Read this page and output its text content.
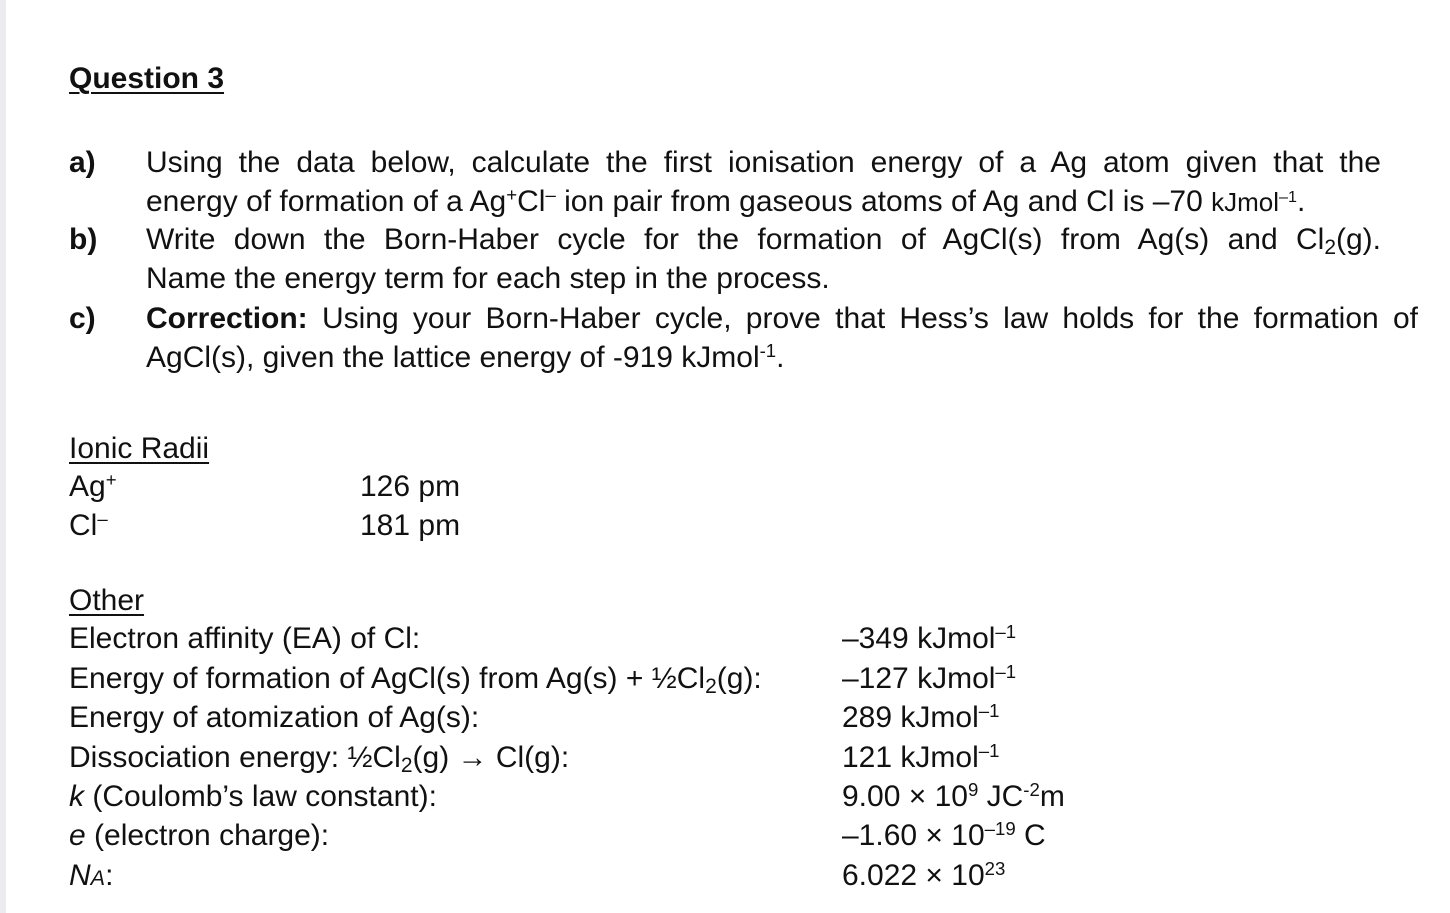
Question 3
a) Using the data below, calculate the first ionisation energy of a Ag atom given that the
energy of formation of a Ag+Cl– ion pair from gaseous atoms of Ag and Cl is –70 kJmol$^{-1}$.
b) Write down the Born-Haber cycle for the formation of AgCl(s) from Ag(s) and Cl2(g).
Name the energy term for each step in the process.
c) Correction: Using your Born-Haber cycle, prove that Hess’s law holds for the formation of
AgCl(s), given the lattice energy of -919 kJmol$^{-1}$.
Ionic Radii
Ag+	126 pm
Cl–	181 pm
Other
Electron affinity (EA) of Cl:	–349 kJmol$^{-1}$
Energy of formation of AgCl(s) from Ag(s) + ½Cl2(g):	–127 kJmol$^{-1}$
Energy of atomization of Ag(s):	289 kJmol$^{-1}$
Dissociation energy: ½Cl2(g) → Cl(g):	121 kJmol$^{-1}$
k (Coulomb’s law constant):	$9.00 \times 10^9$ $JC^{-2}m$
e (electron charge):	$-1.60 \times 10^{-19}$ C
NA:	$6.022 \times 10^{23}$
